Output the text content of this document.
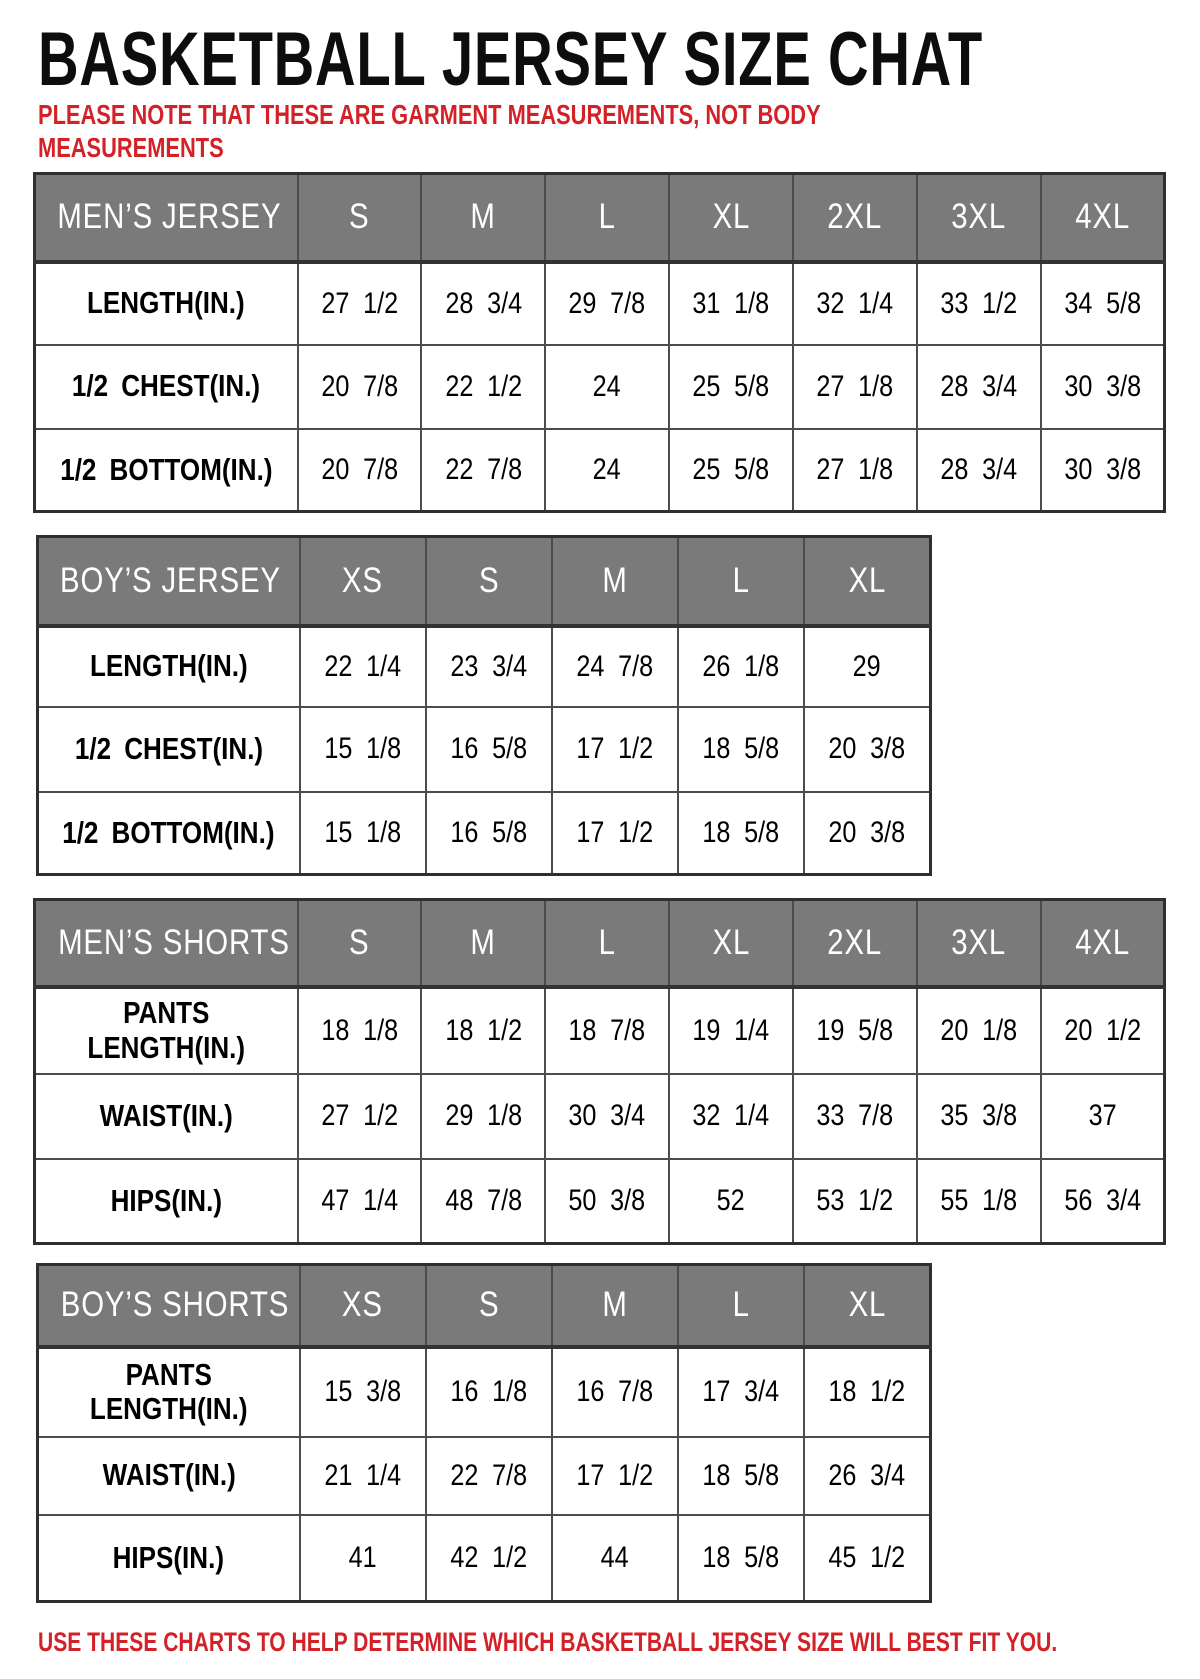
BASKETBALL JERSEY SIZE CHAT
PLEASE NOTE THAT THESE ARE GARMENT MEASUREMENTS, NOT BODY MEASUREMENTS
MEN’S JERSEY	S	M	L	XL	2XL	3XL	4XL
LENGTH(IN.)	27 1/2	28 3/4	29 7/8	31 1/8	32 1/4	33 1/2	34 5/8
1/2 CHEST(IN.)	20 7/8	22 1/2	24	25 5/8	27 1/8	28 3/4	30 3/8
1/2 BOTTOM(IN.)	20 7/8	22 7/8	24	25 5/8	27 1/8	28 3/4	30 3/8
BOY’S JERSEY	XS	S	M	L	XL
LENGTH(IN.)	22 1/4	23 3/4	24 7/8	26 1/8	29
1/2 CHEST(IN.)	15 1/8	16 5/8	17 1/2	18 5/8	20 3/8
1/2 BOTTOM(IN.)	15 1/8	16 5/8	17 1/2	18 5/8	20 3/8
MEN’S SHORTS	S	M	L	XL	2XL	3XL	4XL
PANTS LENGTH(IN.)	18 1/8	18 1/2	18 7/8	19 1/4	19 5/8	20 1/8	20 1/2
WAIST(IN.)	27 1/2	29 1/8	30 3/4	32 1/4	33 7/8	35 3/8	37
HIPS(IN.)	47 1/4	48 7/8	50 3/8	52	53 1/2	55 1/8	56 3/4
BOY’S SHORTS	XS	S	M	L	XL
PANTS LENGTH(IN.)	15 3/8	16 1/8	16 7/8	17 3/4	18 1/2
WAIST(IN.)	21 1/4	22 7/8	17 1/2	18 5/8	26 3/4
HIPS(IN.)	41	42 1/2	44	18 5/8	45 1/2
USE THESE CHARTS TO HELP DETERMINE WHICH BASKETBALL JERSEY SIZE WILL BEST FIT YOU.
